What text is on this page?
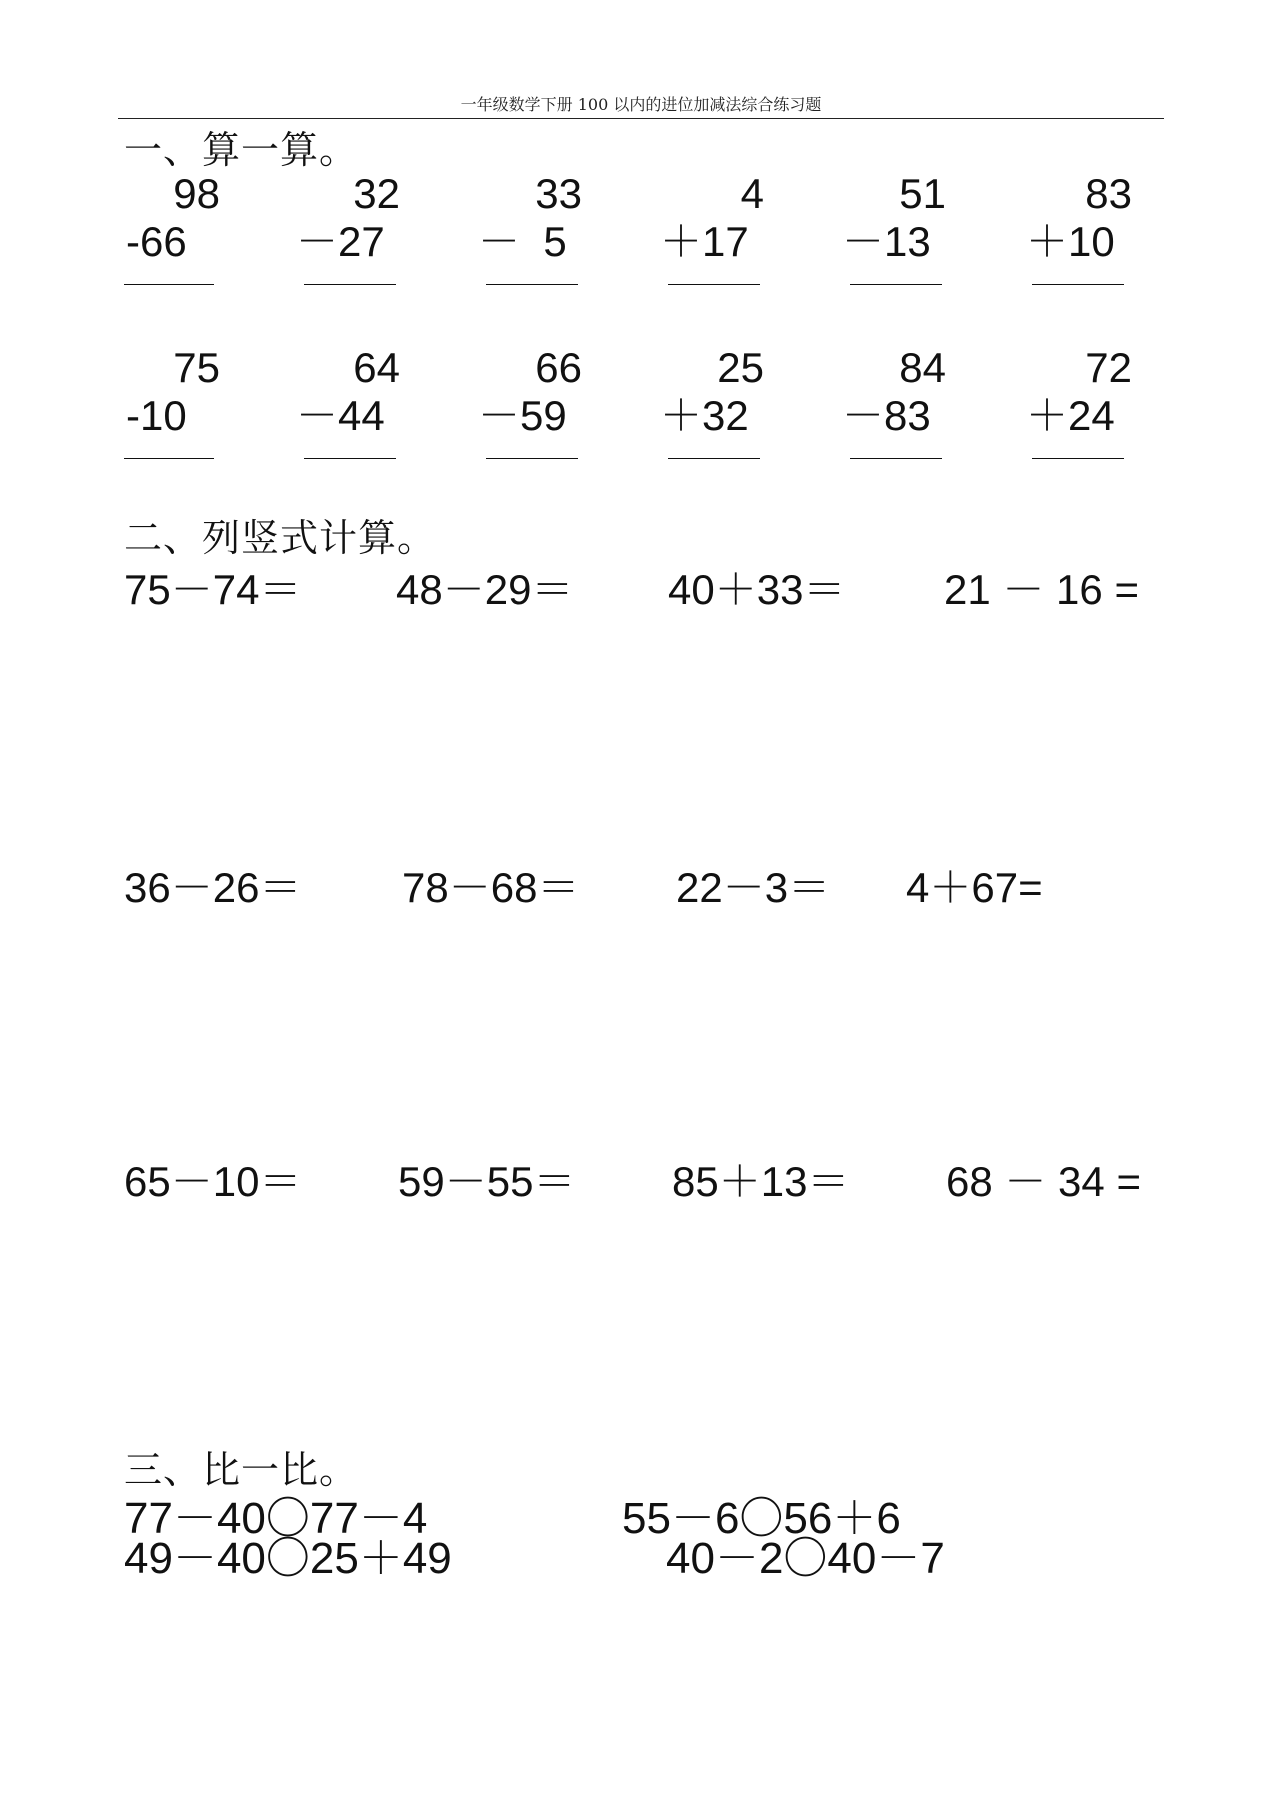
一年级数学下册 100 以内的进位加减法综合练习题
一、算一算。
98
-66
32
－27
33
－  5
4
＋17
51
－13
83
＋10
75
-10
64
－44
66
－59
25
＋32
84
－83
72
＋24
二、列竖式计算。
75－74＝ 48－29＝ 40＋33＝ 21 － 16 =
36－26＝ 78－68＝ 22－3＝ 4＋67=
65－10＝ 59－55＝ 85＋13＝ 68 － 34 =
三、比一比。
77－40〇77－4	55－6〇56＋6
49－40〇25＋49	40－2〇40－7
